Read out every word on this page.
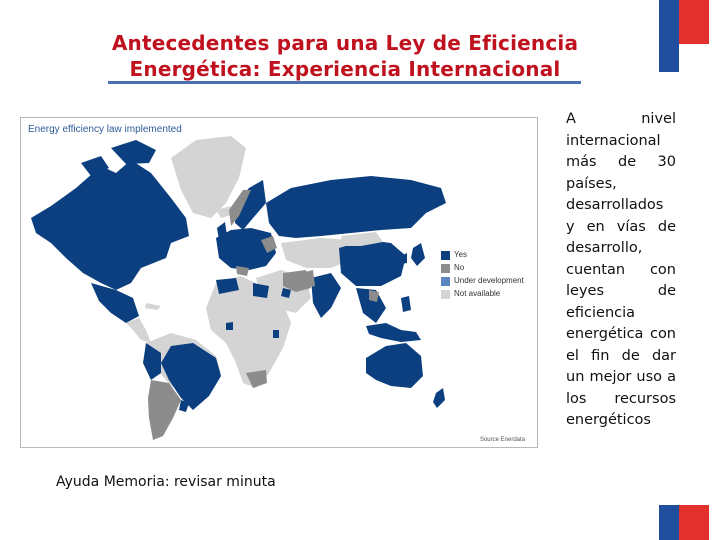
Antecedentes para una Ley de Eficiencia
Energética: Experiencia Internacional
Energy efficiency law implemented
Yes
No
Under development
Not available
Source Enerdata
A nivel internacional más de 30 países, desarrollados y en vías de desarrollo, cuentan con leyes de eficiencia energética con el fin de dar un mejor uso a los recursos energéticos
Ayuda Memoria: revisar minuta
